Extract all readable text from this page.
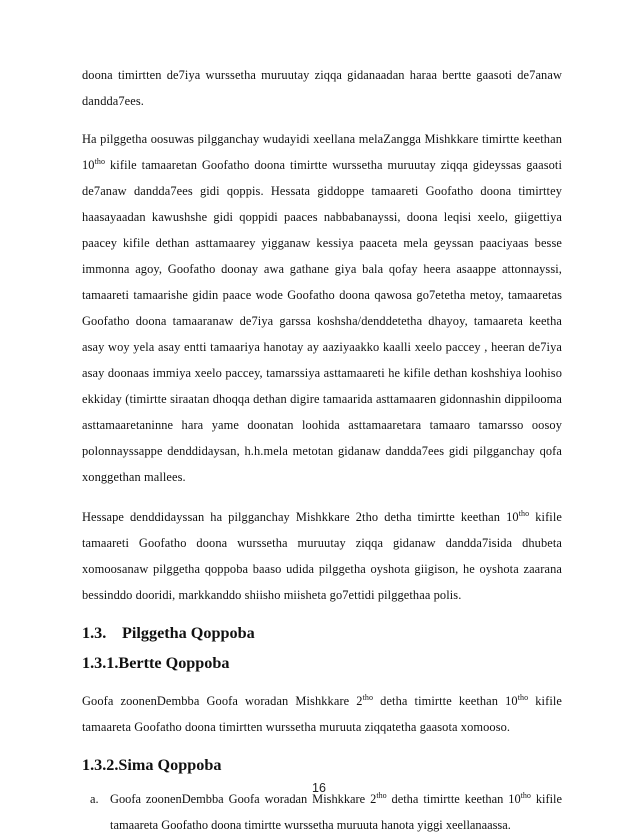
doona timirtten de7iya wurssetha muruutay ziqqa gidanaadan haraa bertte gaasoti de7anaw dandda7ees.

Ha pilggetha oosuwas pilgganchay wudayidi xeellana melaZangga Mishkkare timirtte keethan $10^{tho}$ kifile tamaaretan Goofatho doona timirtte wurssetha muruutay ziqqa gideyssas gaasoti de7anaw dandda7ees gidi qoppis. Hessata giddoppe tamaareti Goofatho doona timirttey haasayaadan kawushshe gidi qoppidi paaces nabbabanayssi, doona leqisi xeelo, giigettiya paacey kifile dethan asttamaarey yigganaw kessiya paaceta mela geyssan paaciyaas besse immonna agoy, Goofatho doonay awa gathane giya bala qofay heera asaappe attonnayssi, tamaareti tamaarishe gidin paace wode Goofatho doona qawosa go7etetha metoy, tamaaretas Goofatho doona tamaaranaw de7iya garssa koshsha/denddetetha dhayoy, tamaareta keetha asay woy yela asay entti tamaariya hanotay ay aaziyaakko kaalli xeelo paccey , heeran de7iya asay doonaas immiya xeelo paccey, tamarssiya asttamaareti he kifile dethan koshshiya loohiso ekkiday (timirtte siraatan dhoqqa dethan digire tamaarida asttamaaren gidonnashin dippilooma asttamaaretaninne hara yame doonatan loohida asttamaaretara tamaaro tamarsso oosoy polonnayssappe denddidaysan, h.h.mela metotan gidanaw dandda7ees gidi pilgganchay qofa xonggethan mallees.

Hessape denddidayssan ha pilgganchay Mishkkare 2tho detha timirtte keethan $10^{tho}$ kifile tamaareti Goofatho doona wurssetha muruutay ziqqa gidanaw dandda7isida dhubeta xomoosanaw pilggetha qoppoba baaso udida pilggetha oyshota giigison, he oyshota zaarana bessinddo dooridi, markkanddo shiisho miisheta go7ettidi pilggethaa polis.

1.3. Pilggetha Qoppoba
1.3.1.Bertte Qoppoba

Goofa zoonenDembba Goofa woradan Mishkkare $2^{tho}$ detha timirtte keethan $10^{tho}$ kifile tamaareta Goofatho doona timirtten wurssetha muruuta ziqqatetha gaasota xomooso.

1.3.2.Sima Qoppoba
a. Goofa zoonenDembba Goofa woradan Mishkkare $2^{tho}$ detha timirtte keethan $10^{tho}$ kifile tamaareta Goofatho doona timirtte wurssetha muruuta hanota yiggi xeellanaassa.
16
